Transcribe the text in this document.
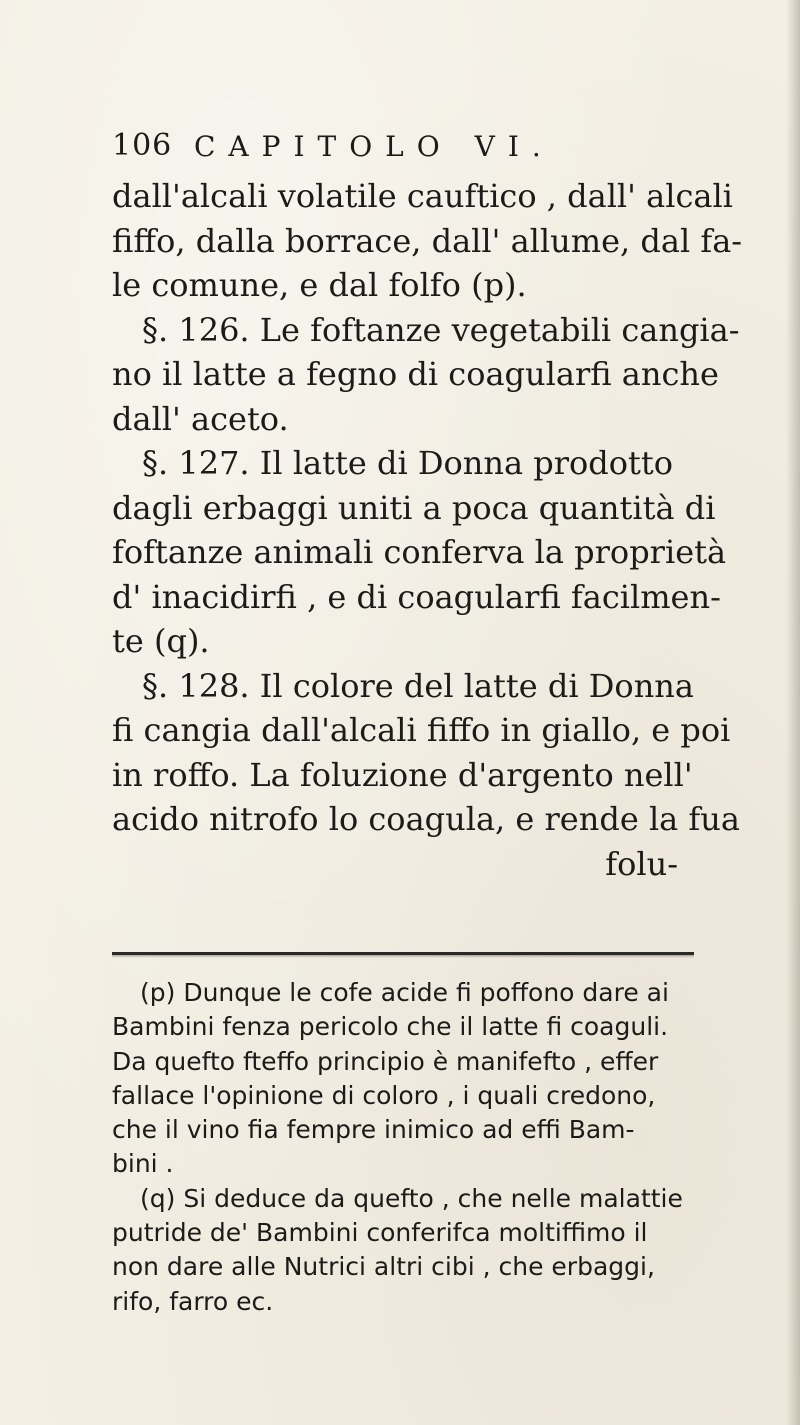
106 CAPITOLO VI.
dall'alcali volatile cauftico , dall' alcali
fiffo, dalla borrace, dall' allume, dal fa-
le comune, e dal folfo (p).
§. 126. Le foftanze vegetabili cangia-
no il latte a fegno di coagularfi anche
dall' aceto.
§. 127. Il latte di Donna prodotto
dagli erbaggi uniti a poca quantità di
foftanze animali conferva la proprietà
d' inacidirfi , e di coagularfi facilmen-
te (q).
§. 128. Il colore del latte di Donna
fi cangia dall'alcali fiffo in giallo, e poi
in roffo. La foluzione d'argento nell'
acido nitrofo lo coagula, e rende la fua
folu-
(p) Dunque le cofe acide fi poffono dare ai
Bambini fenza pericolo che il latte fi coaguli.
Da quefto fteffo principio è manifefto , effer
fallace l'opinione di coloro , i quali credono,
che il vino fia fempre inimico ad effi Bam-
bini .
(q) Si deduce da quefto , che nelle malattie
putride de' Bambini conferifca moltiffimo il
non dare alle Nutrici altri cibi , che erbaggi,
rifo, farro ec.
